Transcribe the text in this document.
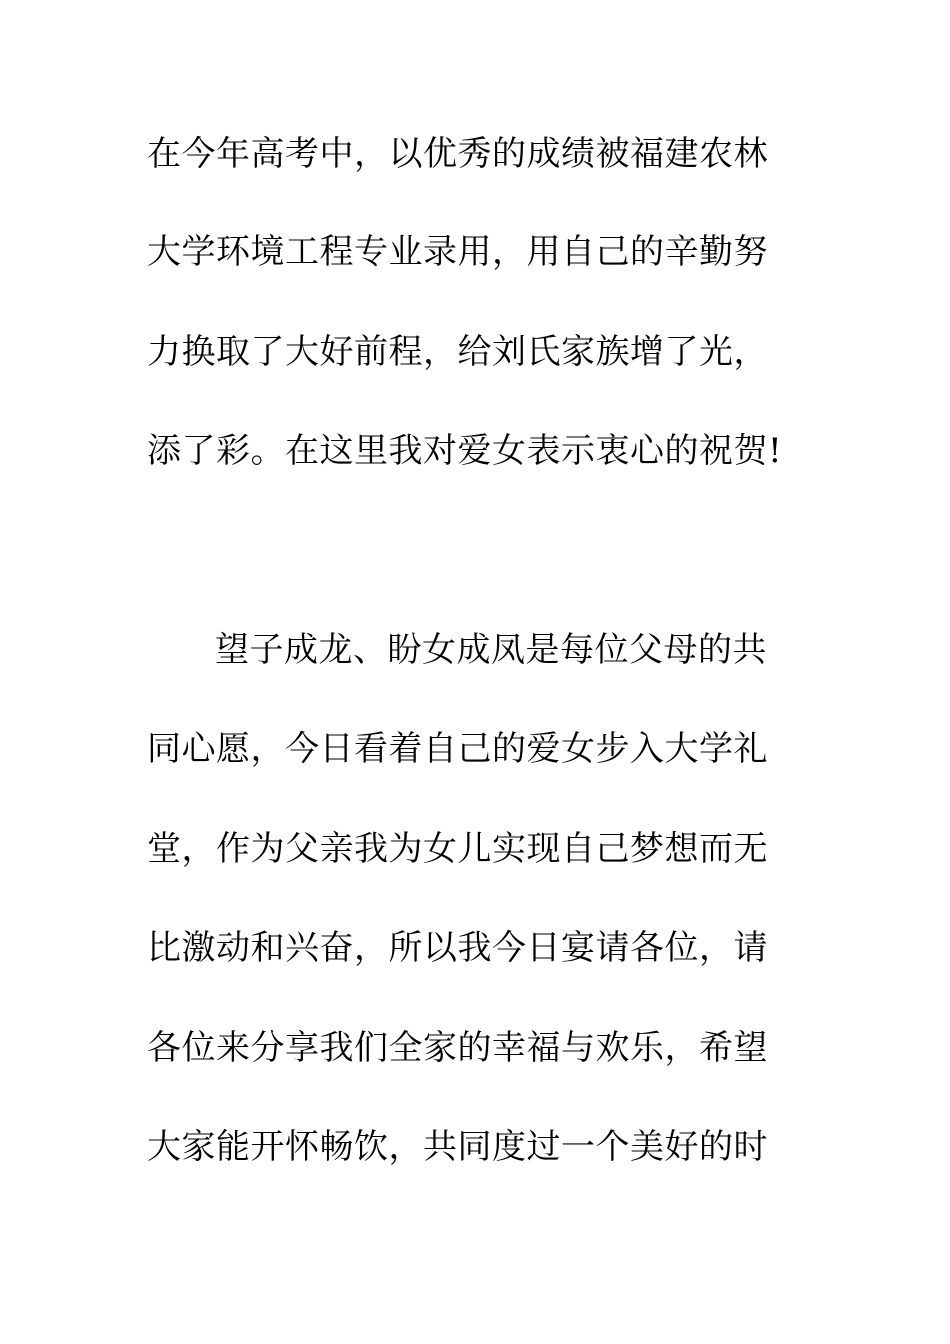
在今年高考中，以优秀的成绩被福建农林
大学环境工程专业录用，用自己的辛勤努
力换取了大好前程，给刘氏家族增了光，
添了彩。在这里我对爱女表示衷心的祝贺!
望子成龙、盼女成凤是每位父母的共
同心愿，今日看着自己的爱女步入大学礼
堂，作为父亲我为女儿实现自己梦想而无
比激动和兴奋，所以我今日宴请各位，请
各位来分享我们全家的幸福与欢乐，希望
大家能开怀畅饮，共同度过一个美好的时
